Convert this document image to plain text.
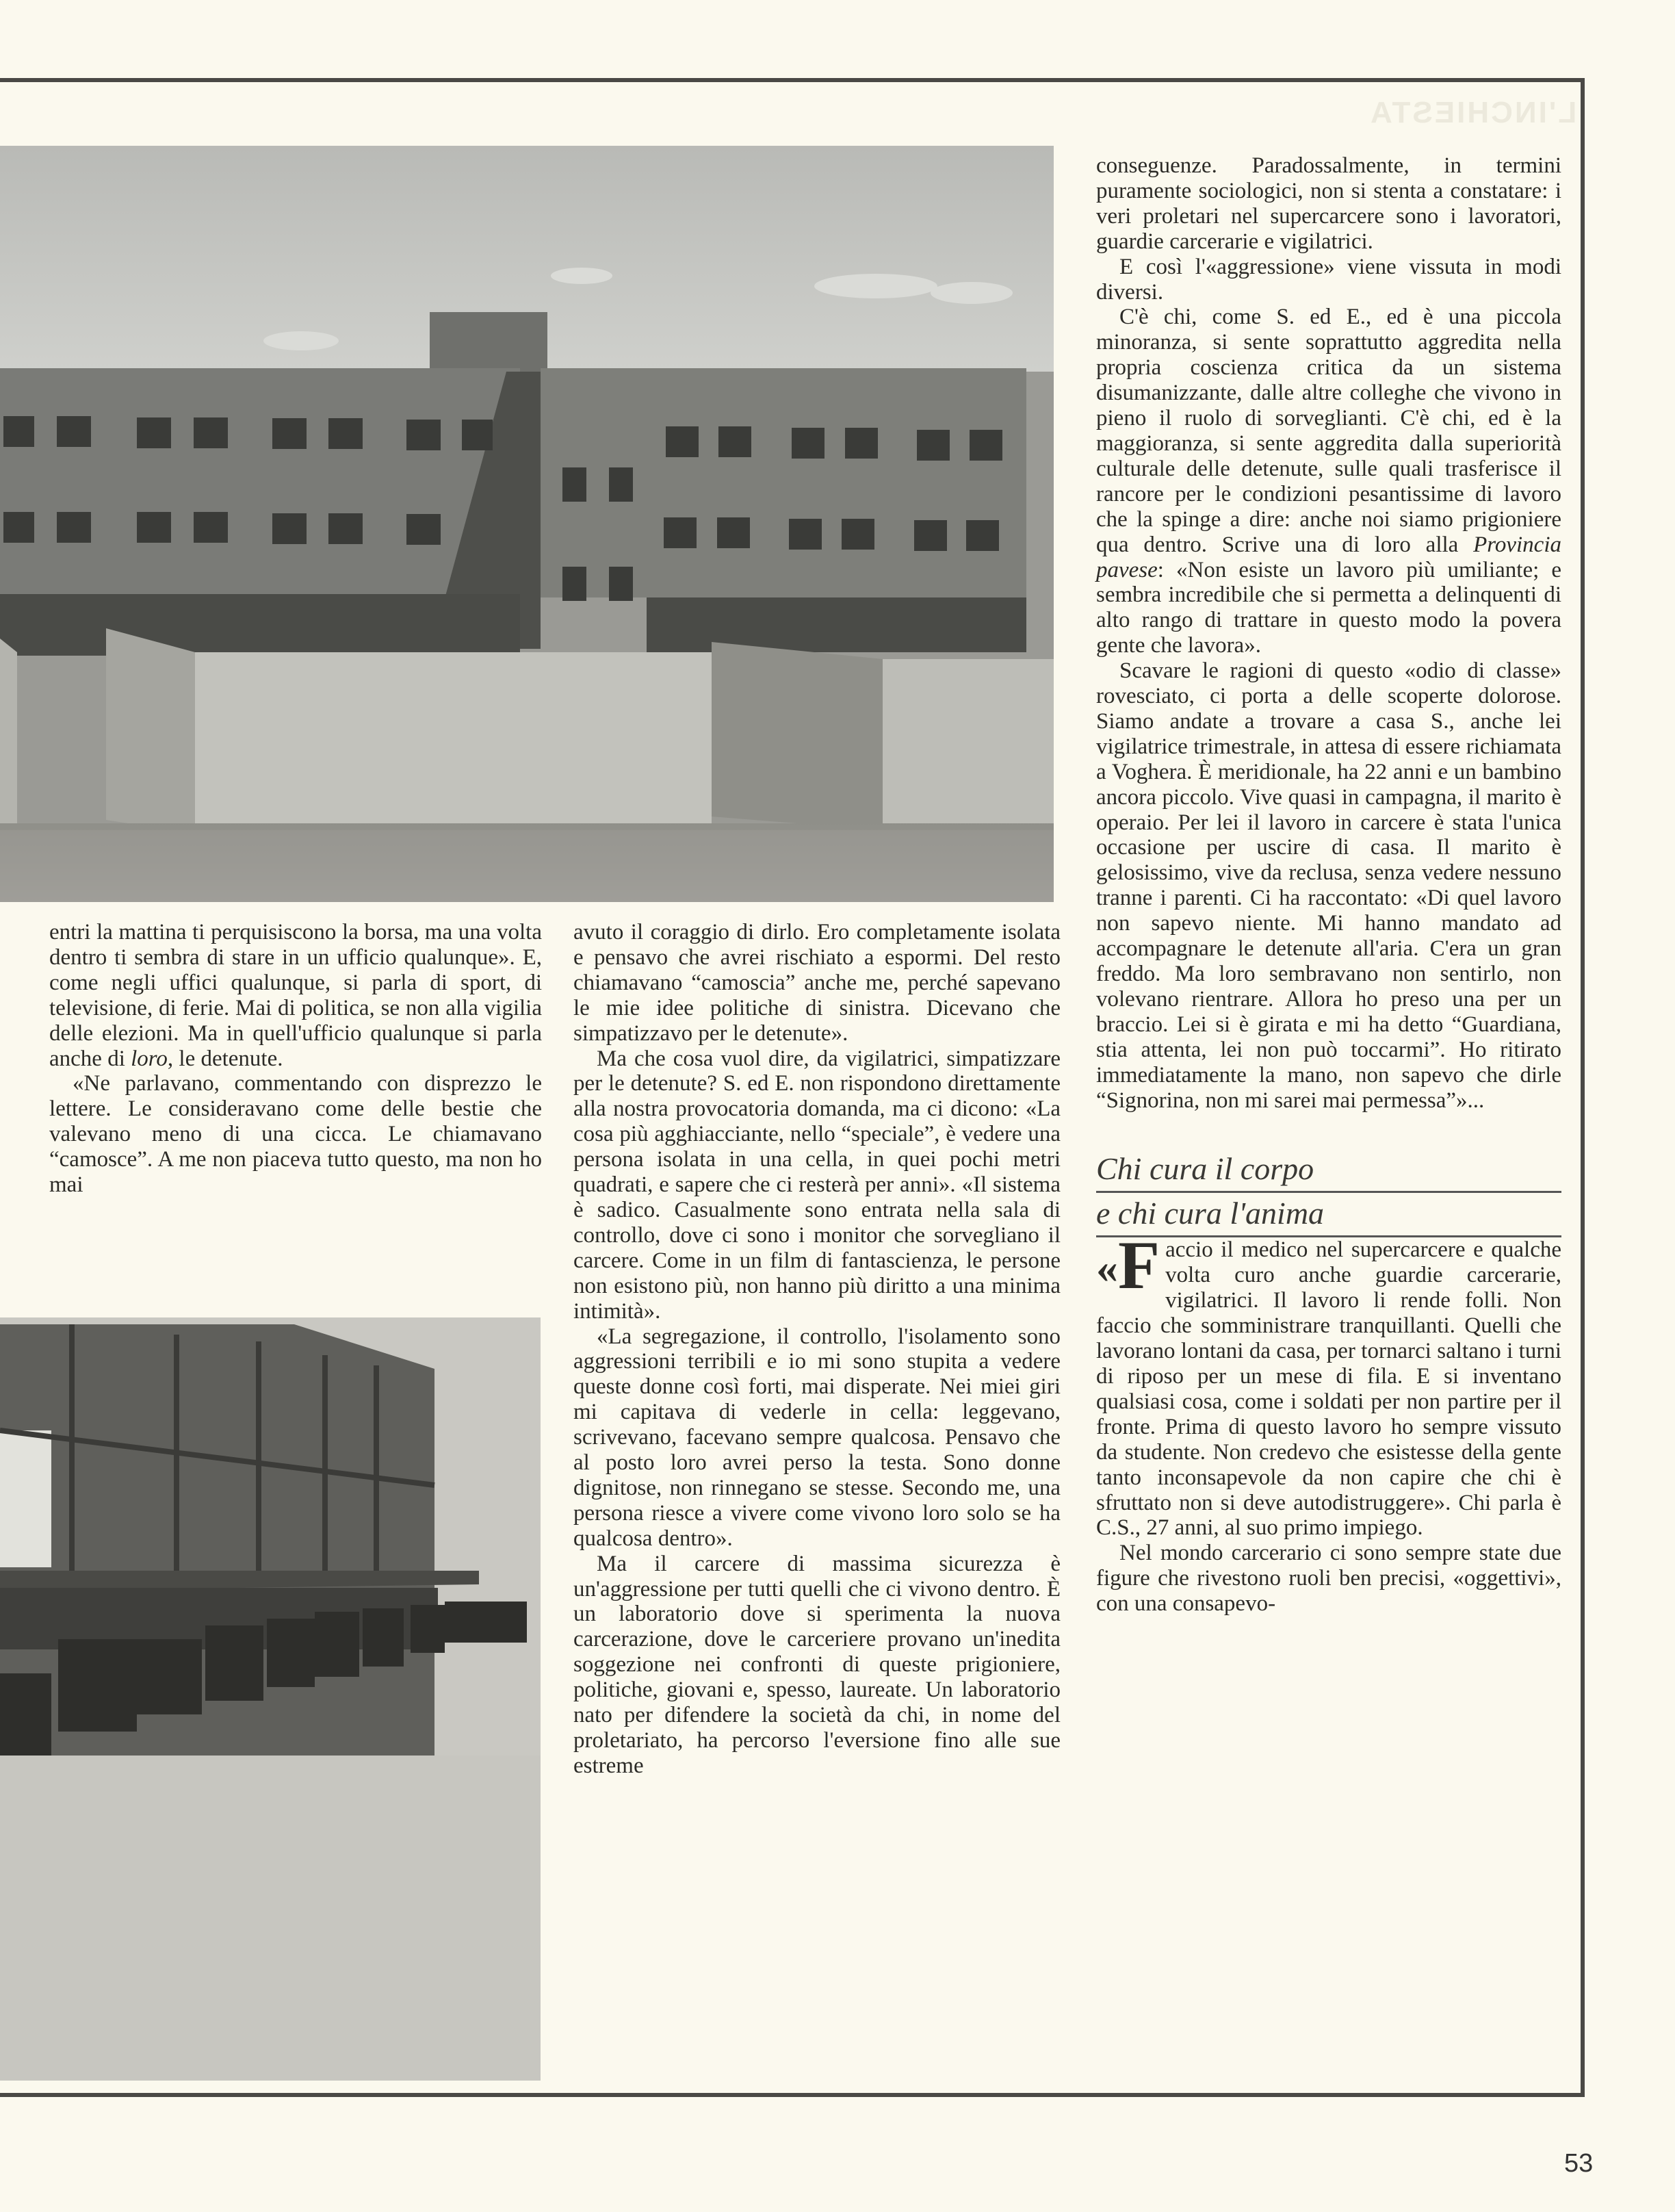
L'INCHIESTA

entri la mattina ti perquisiscono la borsa, ma una volta dentro ti sembra di stare in un ufficio qualunque». E, come negli uffici qualunque, si parla di sport, di televisione, di ferie. Mai di politica, se non alla vigilia delle elezioni. Ma in quell'ufficio qualunque si parla anche di loro, le detenute.

«Ne parlavano, commentando con disprezzo le lettere. Le consideravano come delle bestie che valevano meno di una cicca. Le chiamavano “camosce”. A me non piaceva tutto questo, ma non ho mai

avuto il coraggio di dirlo. Ero completamente isolata e pensavo che avrei rischiato a espormi. Del resto chiamavano “camoscia” anche me, perché sapevano le mie idee politiche di sinistra. Dicevano che simpatizzavo per le detenute».

Ma che cosa vuol dire, da vigilatrici, simpatizzare per le detenute? S. ed E. non rispondono direttamente alla nostra provocatoria domanda, ma ci dicono: «La cosa più agghiacciante, nello “speciale”, è vedere una persona isolata in una cella, in quei pochi metri quadrati, e sapere che ci resterà per anni». «Il sistema è sadico. Casualmente sono entrata nella sala di controllo, dove ci sono i monitor che sorvegliano il carcere. Come in un film di fantascienza, le persone non esistono più, non hanno più diritto a una minima intimità».

«La segregazione, il controllo, l'isolamento sono aggressioni terribili e io mi sono stupita a vedere queste donne così forti, mai disperate. Nei miei giri mi capitava di vederle in cella: leggevano, scrivevano, facevano sempre qualcosa. Pensavo che al posto loro avrei perso la testa. Sono donne dignitose, non rinnegano se stesse. Secondo me, una persona riesce a vivere come vivono loro solo se ha qualcosa dentro».

Ma il carcere di massima sicurezza è un'aggressione per tutti quelli che ci vivono dentro. È un laboratorio dove si sperimenta la nuova carcerazione, dove le carceriere provano un'inedita soggezione nei confronti di queste prigioniere, politiche, giovani e, spesso, laureate. Un laboratorio nato per difendere la società da chi, in nome del proletariato, ha percorso l'eversione fino alle sue estreme

conseguenze. Paradossalmente, in termini puramente sociologici, non si stenta a constatare: i veri proletari nel supercarcere sono i lavoratori, guardie carcerarie e vigilatrici.

E così l'«aggressione» viene vissuta in modi diversi.

C'è chi, come S. ed E., ed è una piccola minoranza, si sente soprattutto aggredita nella propria coscienza critica da un sistema disumanizzante, dalle altre colleghe che vivono in pieno il ruolo di sorveglianti. C'è chi, ed è la maggioranza, si sente aggredita dalla superiorità culturale delle detenute, sulle quali trasferisce il rancore per le condizioni pesantissime di lavoro che la spinge a dire: anche noi siamo prigioniere qua dentro. Scrive una di loro alla Provincia pavese: «Non esiste un lavoro più umiliante; e sembra incredibile che si permetta a delinquenti di alto rango di trattare in questo modo la povera gente che lavora».

Scavare le ragioni di questo «odio di classe» rovesciato, ci porta a delle scoperte dolorose. Siamo andate a trovare a casa S., anche lei vigilatrice trimestrale, in attesa di essere richiamata a Voghera. È meridionale, ha 22 anni e un bambino ancora piccolo. Vive quasi in campagna, il marito è operaio. Per lei il lavoro in carcere è stata l'unica occasione per uscire di casa. Il marito è gelosissimo, vive da reclusa, senza vedere nessuno tranne i parenti. Ci ha raccontato: «Di quel lavoro non sapevo niente. Mi hanno mandato ad accompagnare le detenute all'aria. C'era un gran freddo. Ma loro sembravano non sentirlo, non volevano rientrare. Allora ho preso una per un braccio. Lei si è girata e mi ha detto “Guardiana, stia attenta, lei non può toccarmi”. Ho ritirato immediatamente la mano, non sapevo che dirle “Signorina, non mi sarei mai permessa”»...

Chi cura il corpo
e chi cura l'anima

«F accio il medico nel supercarcere e qualche volta curo anche guardie carcerarie, vigilatrici. Il lavoro li rende folli. Non faccio che somministrare tranquillanti. Quelli che lavorano lontani da casa, per tornarci saltano i turni di riposo per un mese di fila. E si inventano qualsiasi cosa, come i soldati per non partire per il fronte. Prima di questo lavoro ho sempre vissuto da studente. Non credevo che esistesse della gente tanto inconsapevole da non capire che chi è sfruttato non si deve autodistruggere». Chi parla è C.S., 27 anni, al suo primo impiego.

Nel mondo carcerario ci sono sempre state due figure che rivestono ruoli ben precisi, «oggettivi», con una consapevo-

53
